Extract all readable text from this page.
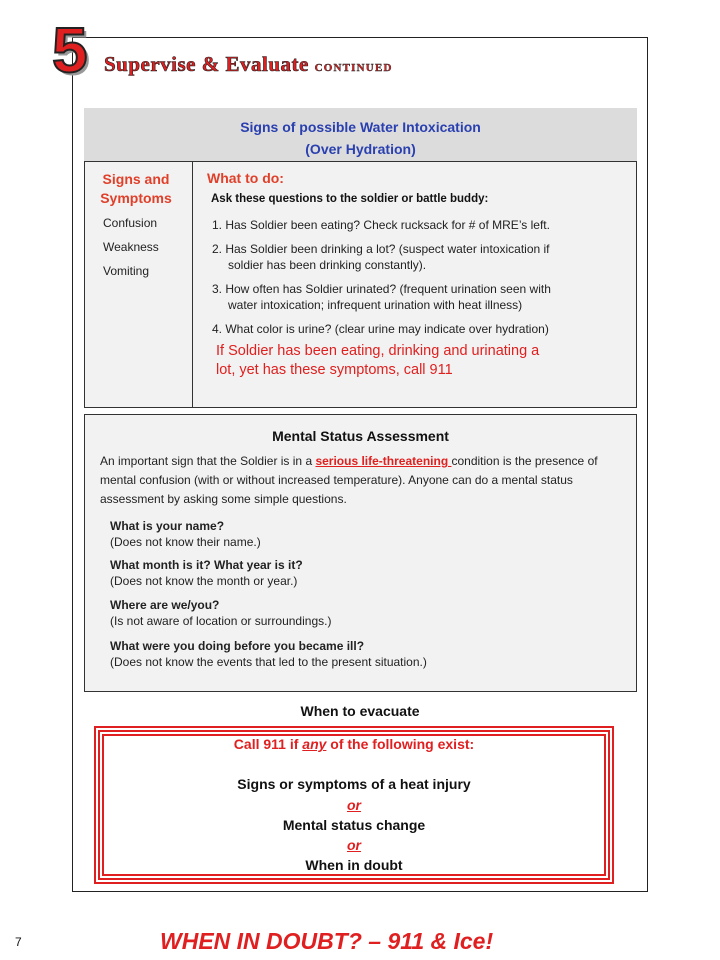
5 Supervise & Evaluate CONTINUED
Signs of possible Water Intoxication
(Over Hydration)
Signs and
Symptoms
Confusion
Weakness
Vomiting
What to do:
Ask these questions to the soldier or battle buddy:
1. Has Soldier been eating? Check rucksack for # of MRE’s left.
2. Has Soldier been drinking a lot? (suspect water intoxication if
soldier has been drinking constantly).
3. How often has Soldier urinated? (frequent urination seen with
water intoxication; infrequent urination with heat illness)
4. What color is urine? (clear urine may indicate over hydration)
If Soldier has been eating, drinking and urinating a
lot, yet has these symptoms, call 911
Mental Status Assessment
An important sign that the Soldier is in a serious life-threatening condition is the presence of mental confusion (with or without increased temperature). Anyone can do a mental status assessment by asking some simple questions.
What is your name?
(Does not know their name.)
What month is it? What year is it?
(Does not know the month or year.)
Where are we/you?
(Is not aware of location or surroundings.)
What were you doing before you became ill?
(Does not know the events that led to the present situation.)
When to evacuate
Call 911 if any of the following exist:
Signs or symptoms of a heat injury
or
Mental status change
or
When in doubt
7	WHEN IN DOUBT? – 911 & Ice!
